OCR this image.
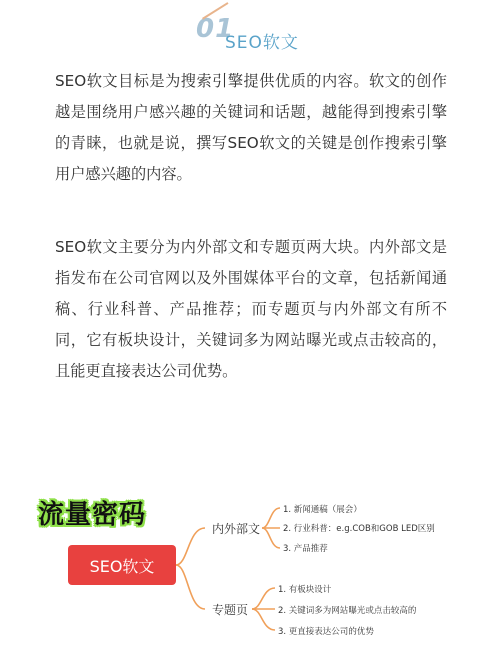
01
SEO软文

SEO软文目标是为搜索引擎提供优质的内容。软文的创作越是围绕用户感兴趣的关键词和话题，越能得到搜索引擎的青睐，也就是说，撰写SEO软文的关键是创作搜索引擎用户感兴趣的内容。

SEO软文主要分为内外部文和专题页两大块。内外部文是指发布在公司官网以及外围媒体平台的文章，包括新闻通稿、行业科普、产品推荐；而专题页与内外部文有所不同，它有板块设计，关键词多为网站曝光或点击较高的，且能更直接表达公司优势。

流量密码
SEO软文
内外部文
专题页
1. 新闻通稿（展会）
2. 行业科普：e.g.COB和GOB LED区别
3. 产品推荐
1. 有板块设计
2. 关键词多为网站曝光或点击较高的
3. 更直接表达公司的优势
